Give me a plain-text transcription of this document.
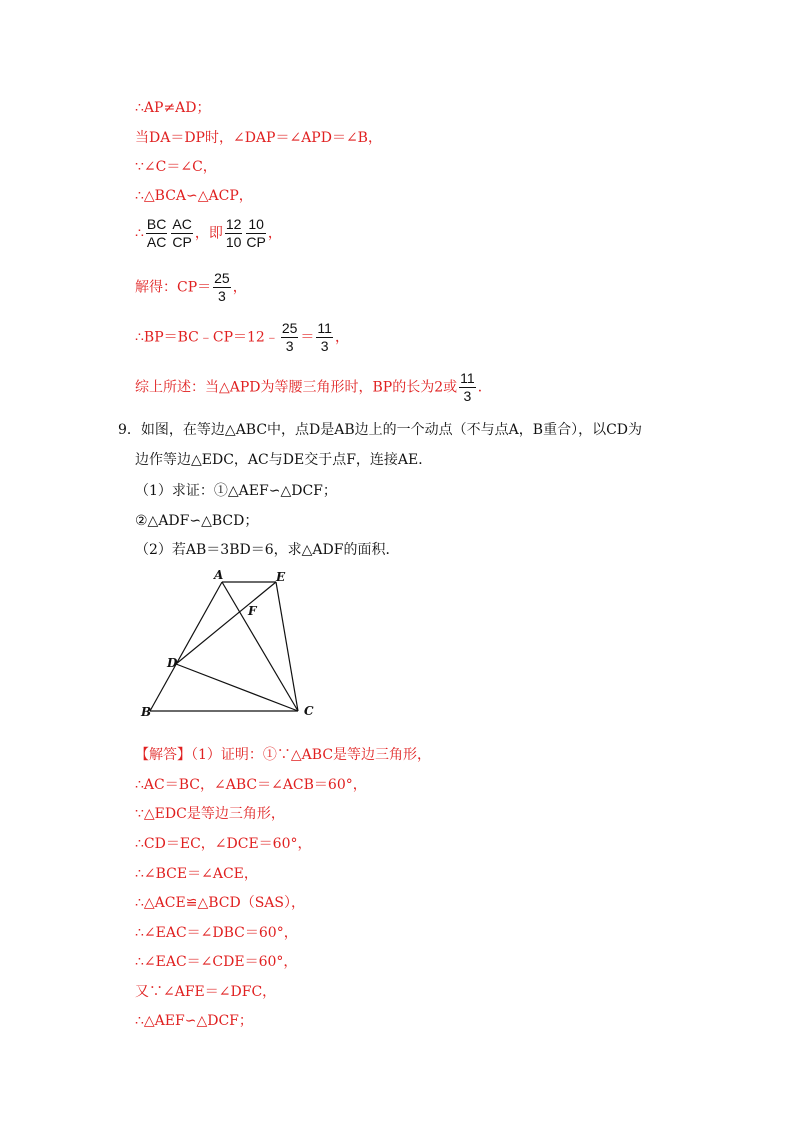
∴AP≠AD；
当DA＝DP时，∠DAP＝∠APD＝∠B，
∵∠C＝∠C，
∴△BCA∽△ACP，
∴ $\frac{BC}{AC} \frac{AC}{CP}$ ，即 $\frac{12}{10} \frac{10}{CP}$ ，
解得：$CP= \frac{25}{3}$ ，
∴BP＝BC﹣CP＝12﹣ $\frac{25}{3} = \frac{11}{3}$ ，
综上所述：当△APD为等腰三角形时，BP的长为2或 $\frac{11}{3}$ ．
9．如图，在等边△ABC中，点D是AB边上的一个动点（不与点A，B重合），以CD为
边作等边△EDC，AC与DE交于点F，连接AE．
（1）求证：①△AEF∽△DCF；
②△ADF∽△BCD；
（2）若AB＝3BD＝6，求△ADF的面积．
A	E
F
D
B	C
【解答】（1）证明：①∵△ABC是等边三角形，
∴AC＝BC，∠ABC＝∠ACB＝60°，
∵△EDC是等边三角形，
∴CD＝EC，∠DCE＝60°，
∴∠BCE＝∠ACE，
∴△ACE≌△BCD（SAS），
∴∠EAC＝∠DBC＝60°，
∴∠EAC＝∠CDE＝60°，
又∵∠AFE＝∠DFC，
∴△AEF∽△DCF；
